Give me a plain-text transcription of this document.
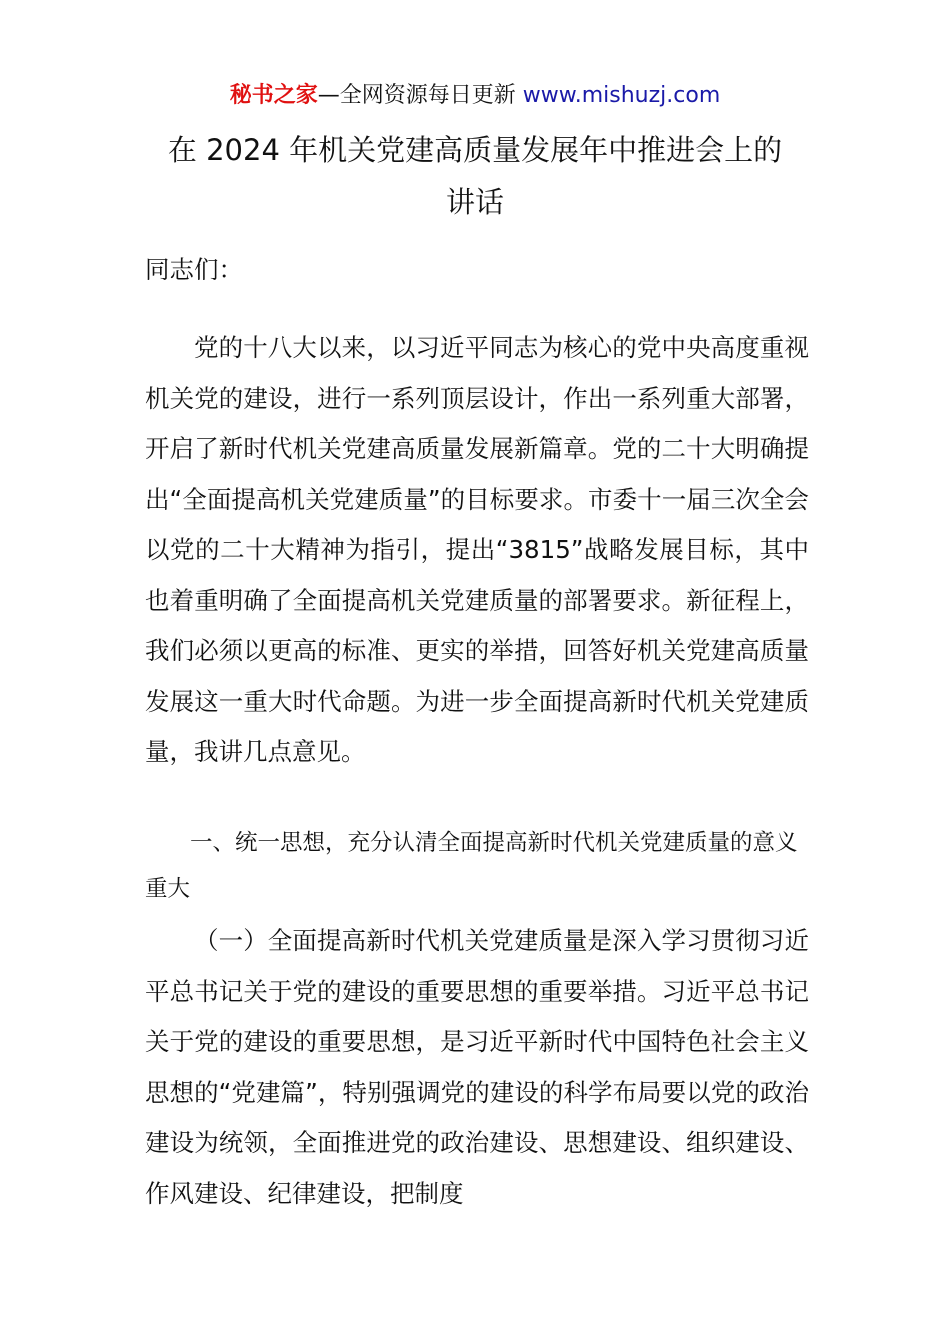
秘书之家—全网资源每日更新 www.mishuzj.com
在 2024 年机关党建高质量发展年中推进会上的
讲话

同志们：

党的十八大以来，以习近平同志为核心的党中央高度重视机关党的建设，进行一系列顶层设计，作出一系列重大部署，开启了新时代机关党建高质量发展新篇章。党的二十大明确提出“全面提高机关党建质量”的目标要求。市委十一届三次全会以党的二十大精神为指引，提出“3815”战略发展目标，其中也着重明确了全面提高机关党建质量的部署要求。新征程上，我们必须以更高的标准、更实的举措，回答好机关党建高质量发展这一重大时代命题。为进一步全面提高新时代机关党建质量，我讲几点意见。

一、统一思想，充分认清全面提高新时代机关党建质量的意义重大

（一）全面提高新时代机关党建质量是深入学习贯彻习近平总书记关于党的建设的重要思想的重要举措。习近平总书记关于党的建设的重要思想，是习近平新时代中国特色社会主义思想的“党建篇”，特别强调党的建设的科学布局要以党的政治建设为统领，全面推进党的政治建设、思想建设、组织建设、作风建设、纪律建设，把制度
